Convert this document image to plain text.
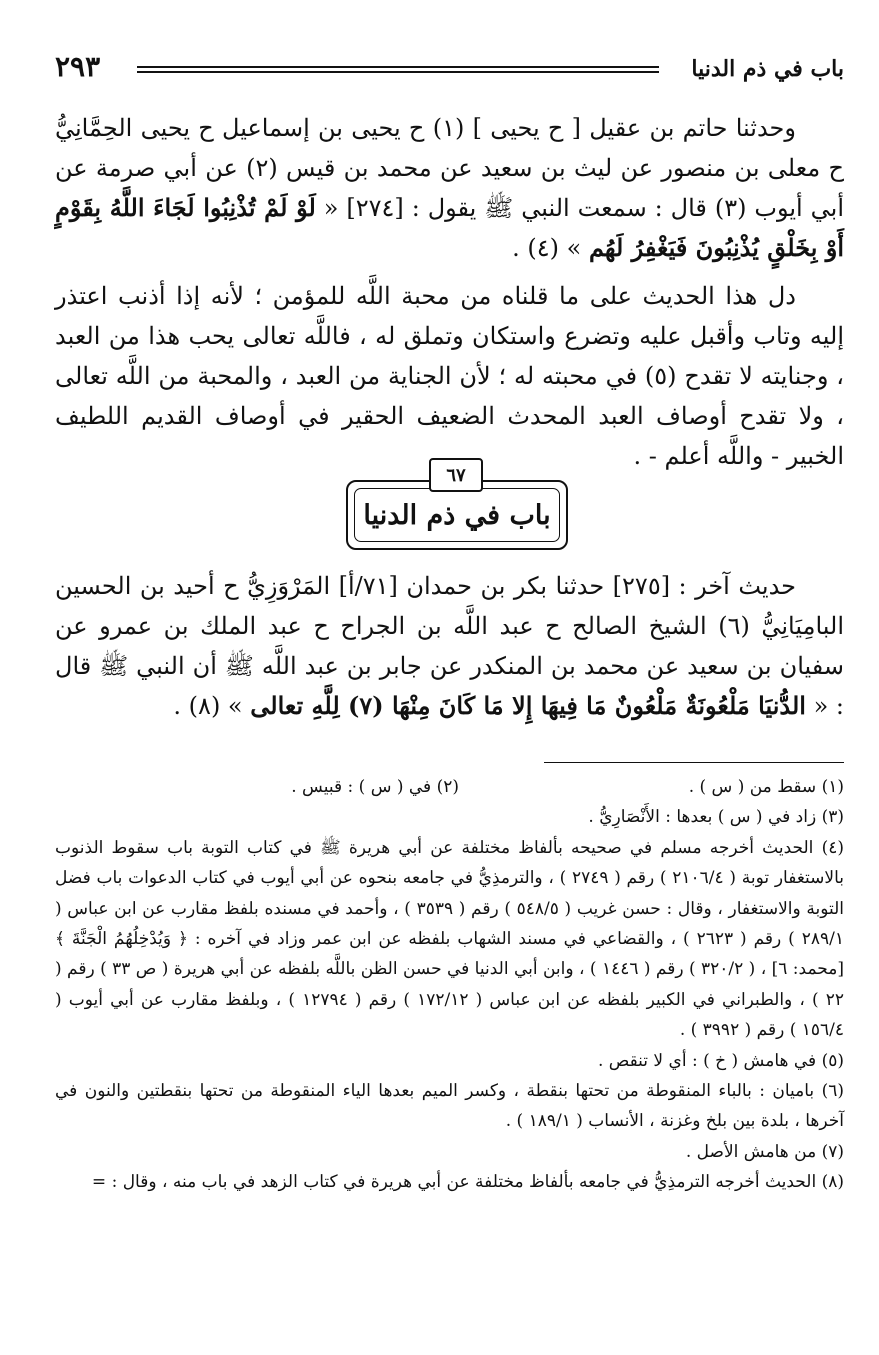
باب في ذم الدنيا
٢٩٣

وحدثنا حاتم بن عقيل [ ح يحيى ] (١) ح يحيى بن إسماعيل ح يحيى الحِمَّانِيُّ ح معلى بن منصور عن ليث بن سعيد عن محمد بن قيس (٢) عن أبي صرمة عن أبي أيوب (٣) قال : سمعت النبي ﷺ يقول : [٢٧٤] « لَوْ لَمْ تُذْنِبُوا لَجَاءَ اللَّهُ بِقَوْمٍ أَوْ بِخَلْقٍ يُذْنِبُونَ فَيَغْفِرُ لَهُم » (٤) .

دل هذا الحديث على ما قلناه من محبة اللَّه للمؤمن ؛ لأنه إذا أذنب اعتذر إليه وتاب وأقبل عليه وتضرع واستكان وتملق له ، فاللَّه تعالى يحب هذا من العبد ، وجنايته لا تقدح (٥) في محبته له ؛ لأن الجناية من العبد ، والمحبة من اللَّه تعالى ، ولا تقدح أوصاف العبد المحدث الضعيف الحقير في أوصاف القديم اللطيف الخبير - واللَّه أعلم - .

باب في ذم الدنيا
٦٧

حديث آخر : [٢٧٥] حدثنا بكر بن حمدان [٧١/أ] المَرْوَزِيُّ ح أحيد بن الحسين البامِيَانِيُّ (٦) الشيخ الصالح ح عبد اللَّه بن الجراح ح عبد الملك بن عمرو عن سفيان بن سعيد عن محمد بن المنكدر عن جابر بن عبد اللَّه ﷺ أن النبي ﷺ قال : « الدُّنيَا مَلْعُونَةٌ مَلْعُونٌ مَا فِيهَا إِلا مَا كَانَ مِنْهَا (٧) لِلَّهِ تعالى » (٨) .

(١) سقط من ( س ) .
(٢) في ( س ) : قبيس .

(٣) زاد في ( س ) بعدها : الأَنْصَارِيُّ .

(٤) الحديث أخرجه مسلم في صحيحه بألفاظ مختلفة عن أبي هريرة ﷺ في كتاب التوبة باب سقوط الذنوب بالاستغفار توبة ( ٢١٠٦/٤ ) رقم ( ٢٧٤٩ ) ، والترمذِيُّ في جامعه بنحوه عن أبي أيوب في كتاب الدعوات باب فضل التوبة والاستغفار ، وقال : حسن غريب ( ٥٤٨/٥ ) رقم ( ٣٥٣٩ ) ، وأحمد في مسنده بلفظ مقارب عن ابن عباس ( ٢٨٩/١ ) رقم ( ٢٦٢٣ ) ، والقضاعي في مسند الشهاب بلفظه عن ابن عمر وزاد في آخره : ﴿ وَيُدْخِلُهُمُ الْجَنَّةَ ﴾ [محمد: ٦] ، ( ٣٢٠/٢ ) رقم ( ١٤٤٦ ) ، وابن أبي الدنيا في حسن الظن باللَّه بلفظه عن أبي هريرة ( ص ٣٣ ) رقم ( ٢٢ ) ، والطبراني في الكبير بلفظه عن ابن عباس ( ١٧٢/١٢ ) رقم ( ١٢٧٩٤ ) ، وبلفظ مقارب عن أبي أيوب ( ١٥٦/٤ ) رقم ( ٣٩٩٢ ) .

(٥) في هامش ( خ ) : أي لا تنقص .

(٦) باميان : بالباء المنقوطة من تحتها بنقطة ، وكسر الميم بعدها الياء المنقوطة من تحتها بنقطتين والنون في آخرها ، بلدة بين بلخ وغزنة ، الأنساب ( ١٨٩/١ ) .

(٧) من هامش الأصل .

(٨) الحديث أخرجه الترمذِيُّ في جامعه بألفاظ مختلفة عن أبي هريرة في كتاب الزهد في باب منه ، وقال : =
